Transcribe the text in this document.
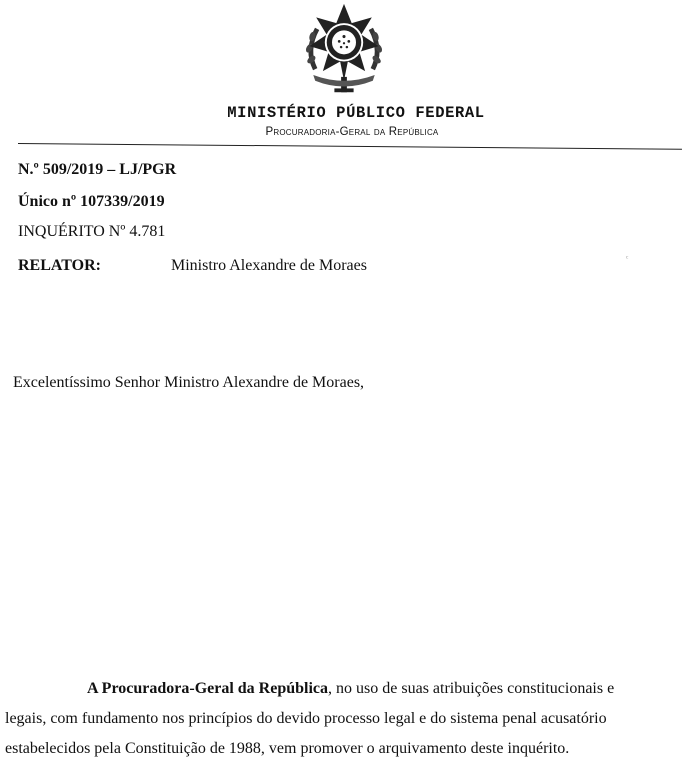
MINISTÉRIO PÚBLICO FEDERAL
Procuradoria-Geral da República
N.º 509/2019 – LJ/PGR
Único nº 107339/2019
INQUÉRITO Nº 4.781
RELATOR:	Ministro Alexandre de Moraes	ᶜ
Excelentíssimo Senhor Ministro Alexandre de Moraes,

A Procuradora-Geral da República, no uso de suas atribuições constitucionais e
legais, com fundamento nos princípios do devido processo legal e do sistema penal acusatório
estabelecidos pela Constituição de 1988, vem promover o arquivamento deste inquérito.
